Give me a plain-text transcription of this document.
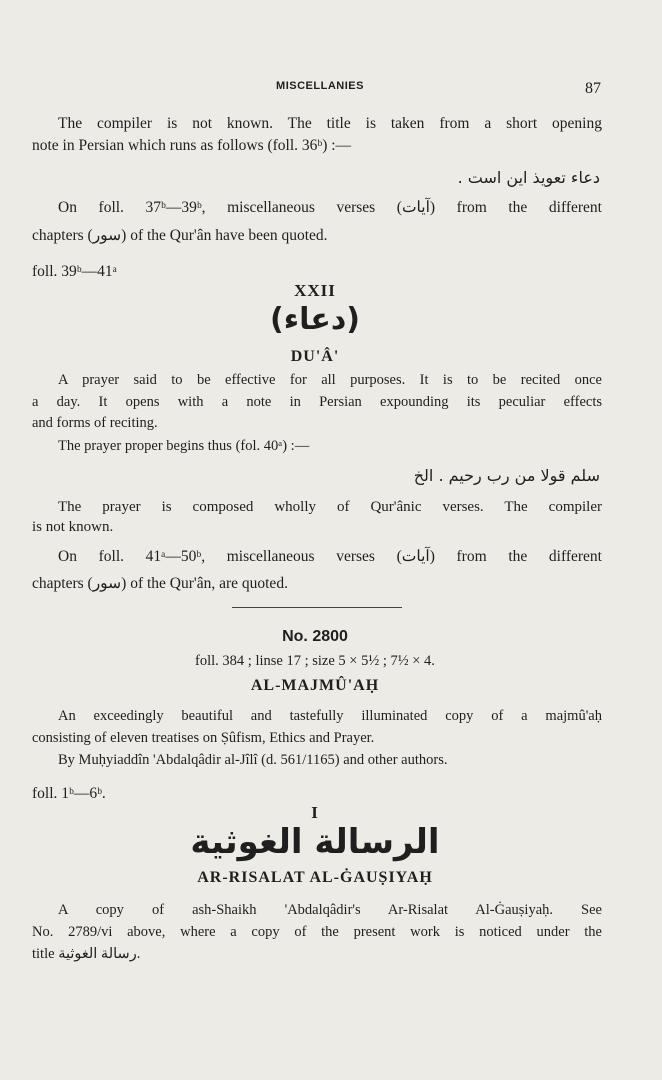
MISCELLANIES	87
The compiler is not known. The title is taken from a short opening
note in Persian which runs as follows (foll. 36ᵇ) :—
دعاء تعويذ اين است .
On foll. 37ᵇ—39ᵇ, miscellaneous verses (آيات) from the different
chapters (سور) of the Qur'ân have been quoted.
foll. 39ᵇ—41ᵃ
XXII
(دعاء)
DU'Â'
A prayer said to be effective for all purposes. It is to be recited once
a day. It opens with a note in Persian expounding its peculiar effects
and forms of reciting.
The prayer proper begins thus (fol. 40ᵃ) :—
سلم قولا من رب رحيم . الخ
The prayer is composed wholly of Qur'ânic verses. The compiler
is not known.
On foll. 41ᵃ—50ᵇ, miscellaneous verses (آيات) from the different
chapters (سور) of the Qur'ân, are quoted.
No. 2800
foll. 384 ; linse 17 ; size 5 × 5½ ; 7½ × 4.
AL-MAJMÛ'AḤ
An exceedingly beautiful and tastefully illuminated copy of a majmû'aḥ
consisting of eleven treatises on Ṣûfism, Ethics and Prayer.
By Muḥyiaddîn 'Abdalqâdir al-Jîlî (d. 561/1165) and other authors.
foll. 1ᵇ—6ᵇ.
I
الرسالة الغوثية
AR-RISALAT AL-ĠAUṢIYAḤ
A copy of ash-Shaikh 'Abdalqâdir's Ar-Risalat Al-Ġauṣiyaḥ. See
No. 2789/vi above, where a copy of the present work is noticed under the
title رسالة الغوثية.
